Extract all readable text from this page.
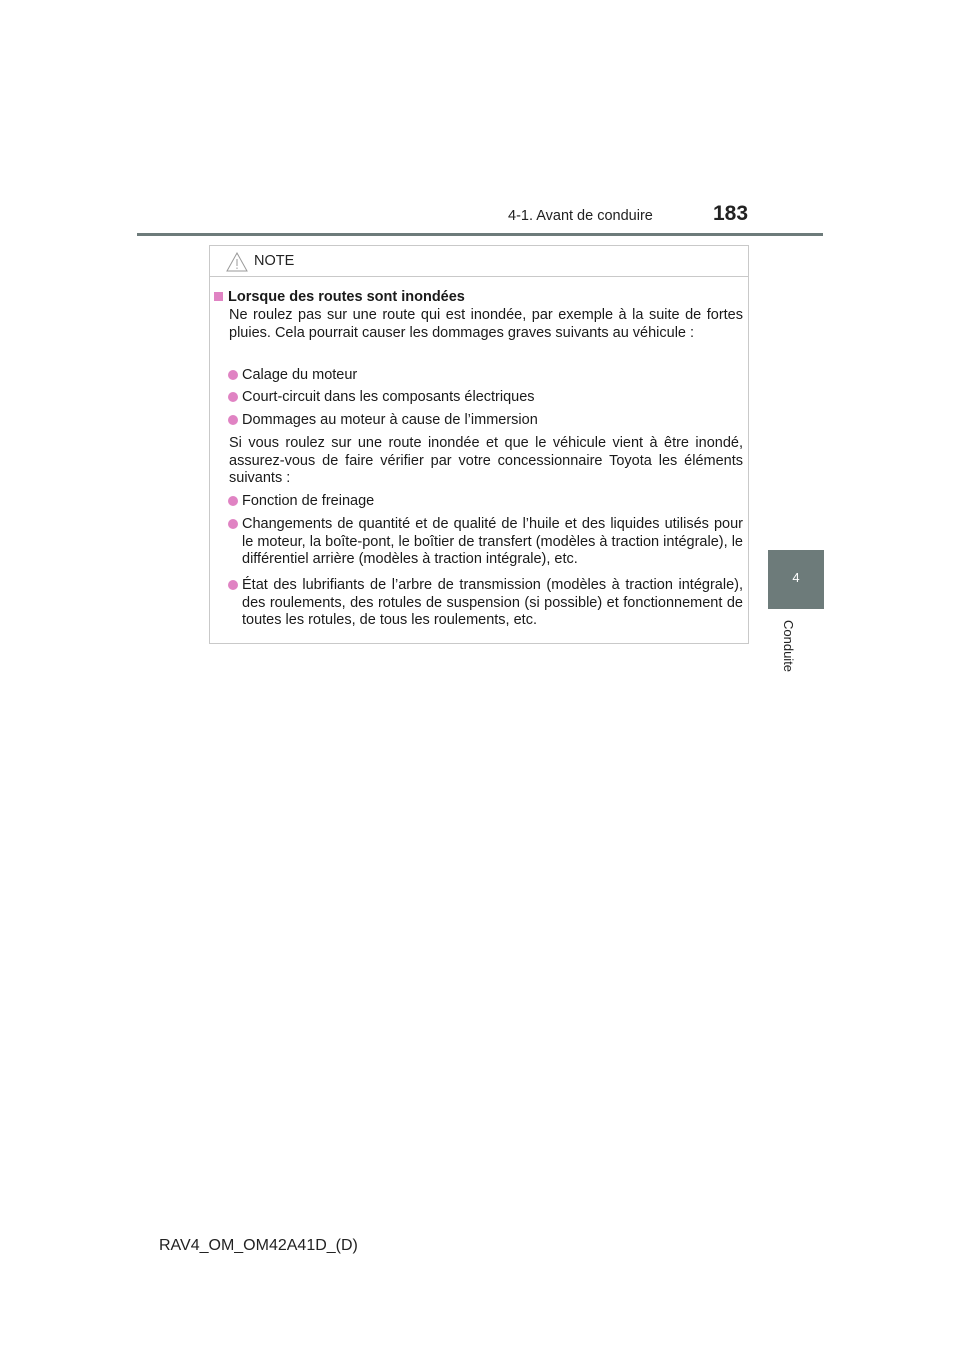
4-1. Avant de conduire	183
4
Conduite
NOTE
Lorsque des routes sont inondées
Ne roulez pas sur une route qui est inondée, par exemple à la suite de fortes pluies. Cela pourrait causer les dommages graves suivants au véhicule :
Calage du moteur
Court-circuit dans les composants électriques
Dommages au moteur à cause de l’immersion
Si vous roulez sur une route inondée et que le véhicule vient à être inondé, assurez-vous de faire vérifier par votre concessionnaire Toyota les éléments suivants :
Fonction de freinage
Changements de quantité et de qualité de l’huile et des liquides utilisés pour le moteur, la boîte-pont, le boîtier de transfert (modèles à traction intégrale), le différentiel arrière (modèles à traction intégrale), etc.
État des lubrifiants de l’arbre de transmission (modèles à traction intégrale), des roulements, des rotules de suspension (si possible) et fonctionnement de toutes les rotules, de tous les roulements, etc.
RAV4_OM_OM42A41D_(D)
